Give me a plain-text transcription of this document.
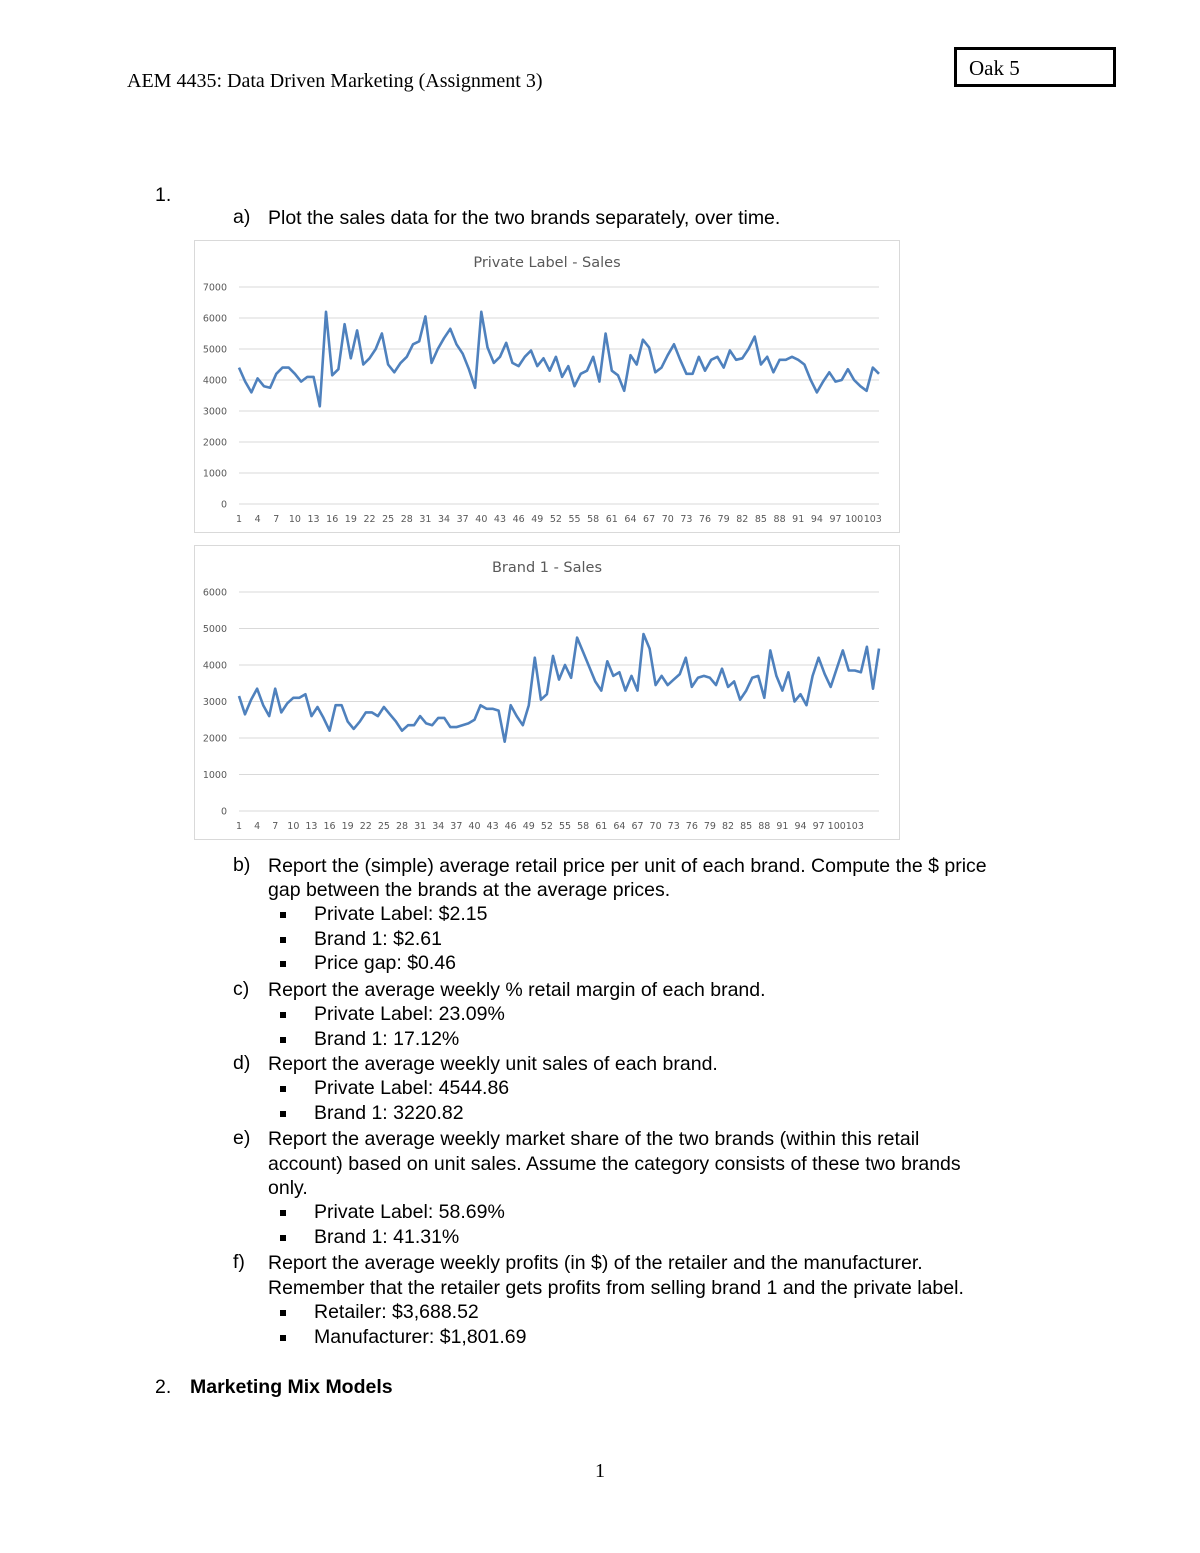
AEM 4435: Data Driven Marketing (Assignment 3)
Oak 5
1.
a) Plot the sales data for the two brands separately, over time.
Private Label - Sales
0
1000
2000
3000
4000
5000
6000
7000
1 4 7 10 13 16 19 22 25 28 31 34 37 40 43 46 49 52 55 58 61 64 67 70 73 76 79 82 85 88 91 94 97 100 103
Brand 1 - Sales
0
1000
2000
3000
4000
5000
6000
1 4 7 10 13 16 19 22 25 28 31 34 37 40 43 46 49 52 55 58 61 64 67 70 73 76 79 82 85 88 91 94 97 100 103
b) Report the (simple) average retail price per unit of each brand. Compute the $ price
gap between the brands at the average prices.
Private Label: $2.15
Brand 1: $2.61
Price gap: $0.46
c) Report the average weekly % retail margin of each brand.
Private Label: 23.09%
Brand 1: 17.12%
d) Report the average weekly unit sales of each brand.
Private Label: 4544.86
Brand 1: 3220.82
e) Report the average weekly market share of the two brands (within this retail
account) based on unit sales. Assume the category consists of these two brands
only.
Private Label: 58.69%
Brand 1: 41.31%
f) Report the average weekly profits (in $) of the retailer and the manufacturer.
Remember that the retailer gets profits from selling brand 1 and the private label.
Retailer: $3,688.52
Manufacturer: $1,801.69
2. Marketing Mix Models
1
